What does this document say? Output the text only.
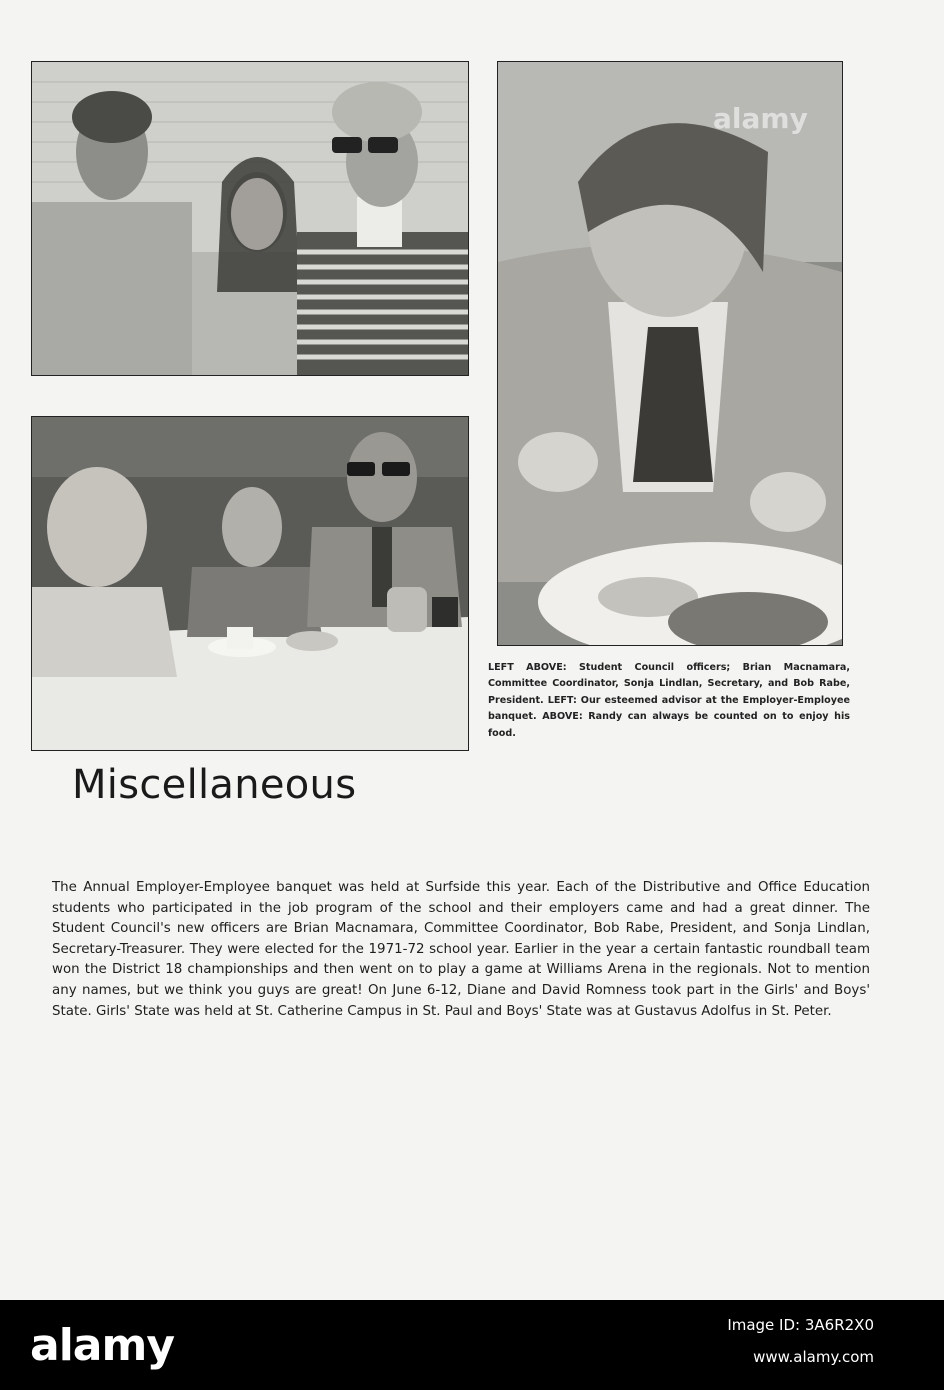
alamy
LEFT ABOVE: Student Council officers; Brian Macnamara, Committee Coordinator, Sonja Lindlan, Secretary, and Bob Rabe, President. LEFT: Our esteemed advisor at the Employer-Employee banquet. ABOVE: Randy can always be counted on to enjoy his food.
Miscellaneous
The Annual Employer-Employee banquet was held at Surfside this year. Each of the Distributive and Office Education students who participated in the job program of the school and their employers came and had a great dinner. The Student Council's new officers are Brian Macnamara, Committee Coordinator, Bob Rabe, President, and Sonja Lindlan, Secretary-Treasurer. They were elected for the 1971-72 school year. Earlier in the year a certain fantastic roundball team won the District 18 championships and then went on to play a game at Williams Arena in the regionals. Not to mention any names, but we think you guys are great! On June 6-12, Diane and David Romness took part in the Girls' and Boys' State. Girls' State was held at St. Catherine Campus in St. Paul and Boys' State was at Gustavus Adolfus in St. Peter.
alamy	Image ID: 3A6R2X0
www.alamy.com
